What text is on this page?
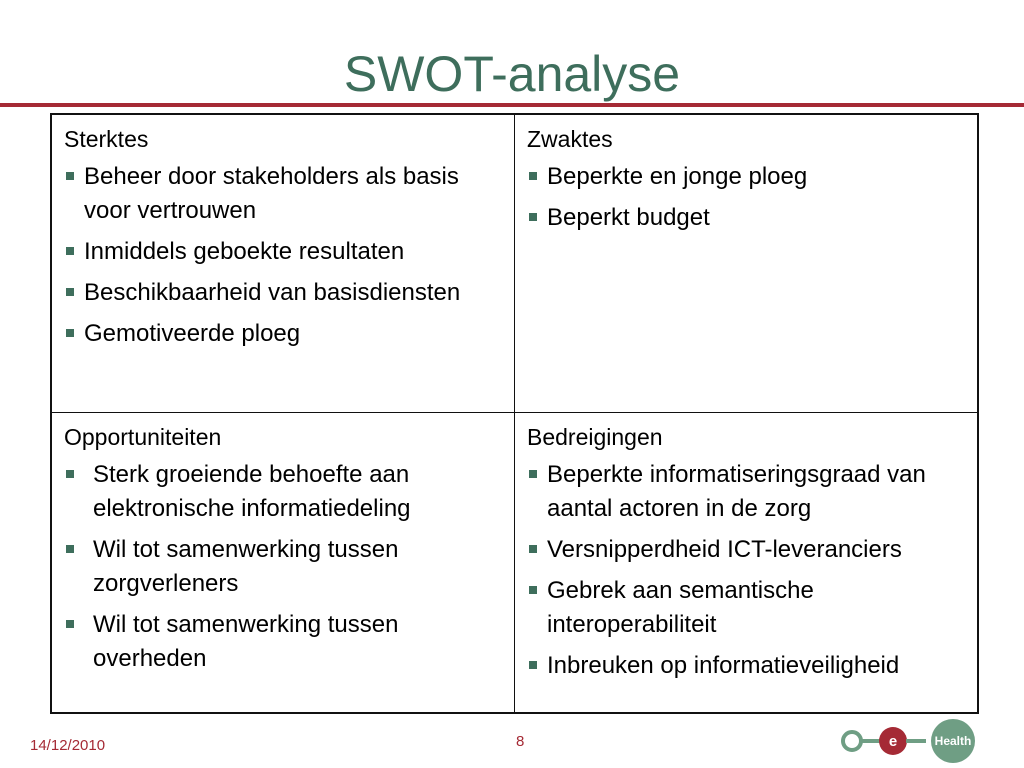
SWOT-analyse
Sterktes
Beheer door stakeholders als basis voor vertrouwen
Inmiddels geboekte resultaten
Beschikbaarheid van basisdiensten
Gemotiveerde ploeg
Zwaktes
Beperkte en jonge ploeg
Beperkt budget
Opportuniteiten
Sterk groeiende behoefte aan elektronische informatiedeling
Wil tot samenwerking tussen zorgverleners
Wil tot samenwerking tussen overheden
Bedreigingen
Beperkte informatiseringsgraad van aantal actoren in de zorg
Versnipperdheid ICT-leveranciers
Gebrek aan semantische interoperabiliteit
Inbreuken op informatieveiligheid
14/12/2010	8	e	Health
